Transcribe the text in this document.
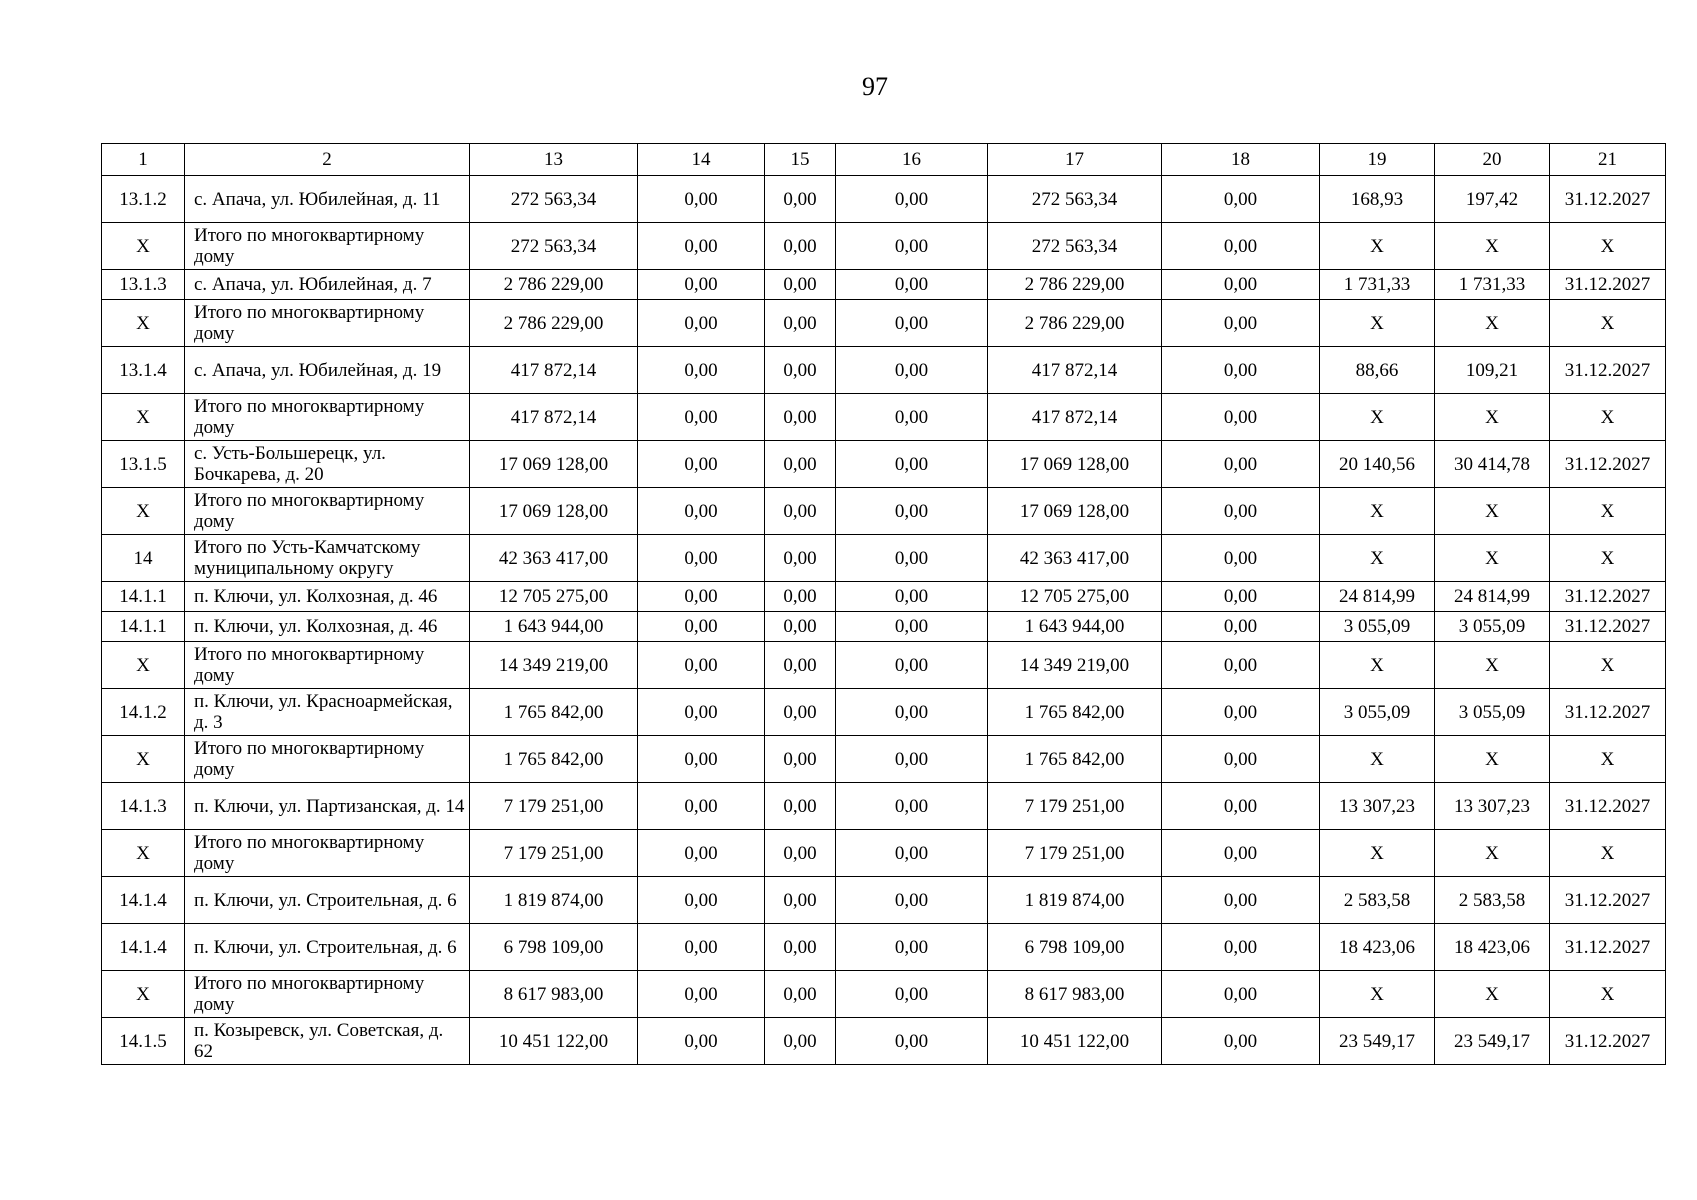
97
1	2	13	14	15	16	17	18	19	20	21
13.1.2	с. Апача, ул. Юбилейная, д. 11	272 563,34	0,00	0,00	0,00	272 563,34	0,00	168,93	197,42	31.12.2027
Х	Итого по многоквартирному дому	272 563,34	0,00	0,00	0,00	272 563,34	0,00	Х	Х	Х
13.1.3	с. Апача, ул. Юбилейная, д. 7	2 786 229,00	0,00	0,00	0,00	2 786 229,00	0,00	1 731,33	1 731,33	31.12.2027
Х	Итого по многоквартирному дому	2 786 229,00	0,00	0,00	0,00	2 786 229,00	0,00	Х	Х	Х
13.1.4	с. Апача, ул. Юбилейная, д. 19	417 872,14	0,00	0,00	0,00	417 872,14	0,00	88,66	109,21	31.12.2027
Х	Итого по многоквартирному дому	417 872,14	0,00	0,00	0,00	417 872,14	0,00	Х	Х	Х
13.1.5	с. Усть-Большерецк, ул. Бочкарева, д. 20	17 069 128,00	0,00	0,00	0,00	17 069 128,00	0,00	20 140,56	30 414,78	31.12.2027
Х	Итого по многоквартирному дому	17 069 128,00	0,00	0,00	0,00	17 069 128,00	0,00	Х	Х	Х
14	Итого по Усть-Камчатскому муниципальному округу	42 363 417,00	0,00	0,00	0,00	42 363 417,00	0,00	Х	Х	Х
14.1.1	п. Ключи, ул. Колхозная, д. 46	12 705 275,00	0,00	0,00	0,00	12 705 275,00	0,00	24 814,99	24 814,99	31.12.2027
14.1.1	п. Ключи, ул. Колхозная, д. 46	1 643 944,00	0,00	0,00	0,00	1 643 944,00	0,00	3 055,09	3 055,09	31.12.2027
Х	Итого по многоквартирному дому	14 349 219,00	0,00	0,00	0,00	14 349 219,00	0,00	Х	Х	Х
14.1.2	п. Ключи, ул. Красноармейская, д. 3	1 765 842,00	0,00	0,00	0,00	1 765 842,00	0,00	3 055,09	3 055,09	31.12.2027
Х	Итого по многоквартирному дому	1 765 842,00	0,00	0,00	0,00	1 765 842,00	0,00	Х	Х	Х
14.1.3	п. Ключи, ул. Партизанская, д. 14	7 179 251,00	0,00	0,00	0,00	7 179 251,00	0,00	13 307,23	13 307,23	31.12.2027
Х	Итого по многоквартирному дому	7 179 251,00	0,00	0,00	0,00	7 179 251,00	0,00	Х	Х	Х
14.1.4	п. Ключи, ул. Строительная, д. 6	1 819 874,00	0,00	0,00	0,00	1 819 874,00	0,00	2 583,58	2 583,58	31.12.2027
14.1.4	п. Ключи, ул. Строительная, д. 6	6 798 109,00	0,00	0,00	0,00	6 798 109,00	0,00	18 423,06	18 423,06	31.12.2027
Х	Итого по многоквартирному дому	8 617 983,00	0,00	0,00	0,00	8 617 983,00	0,00	Х	Х	Х
14.1.5	п. Козыревск, ул. Советская, д. 62	10 451 122,00	0,00	0,00	0,00	10 451 122,00	0,00	23 549,17	23 549,17	31.12.2027
